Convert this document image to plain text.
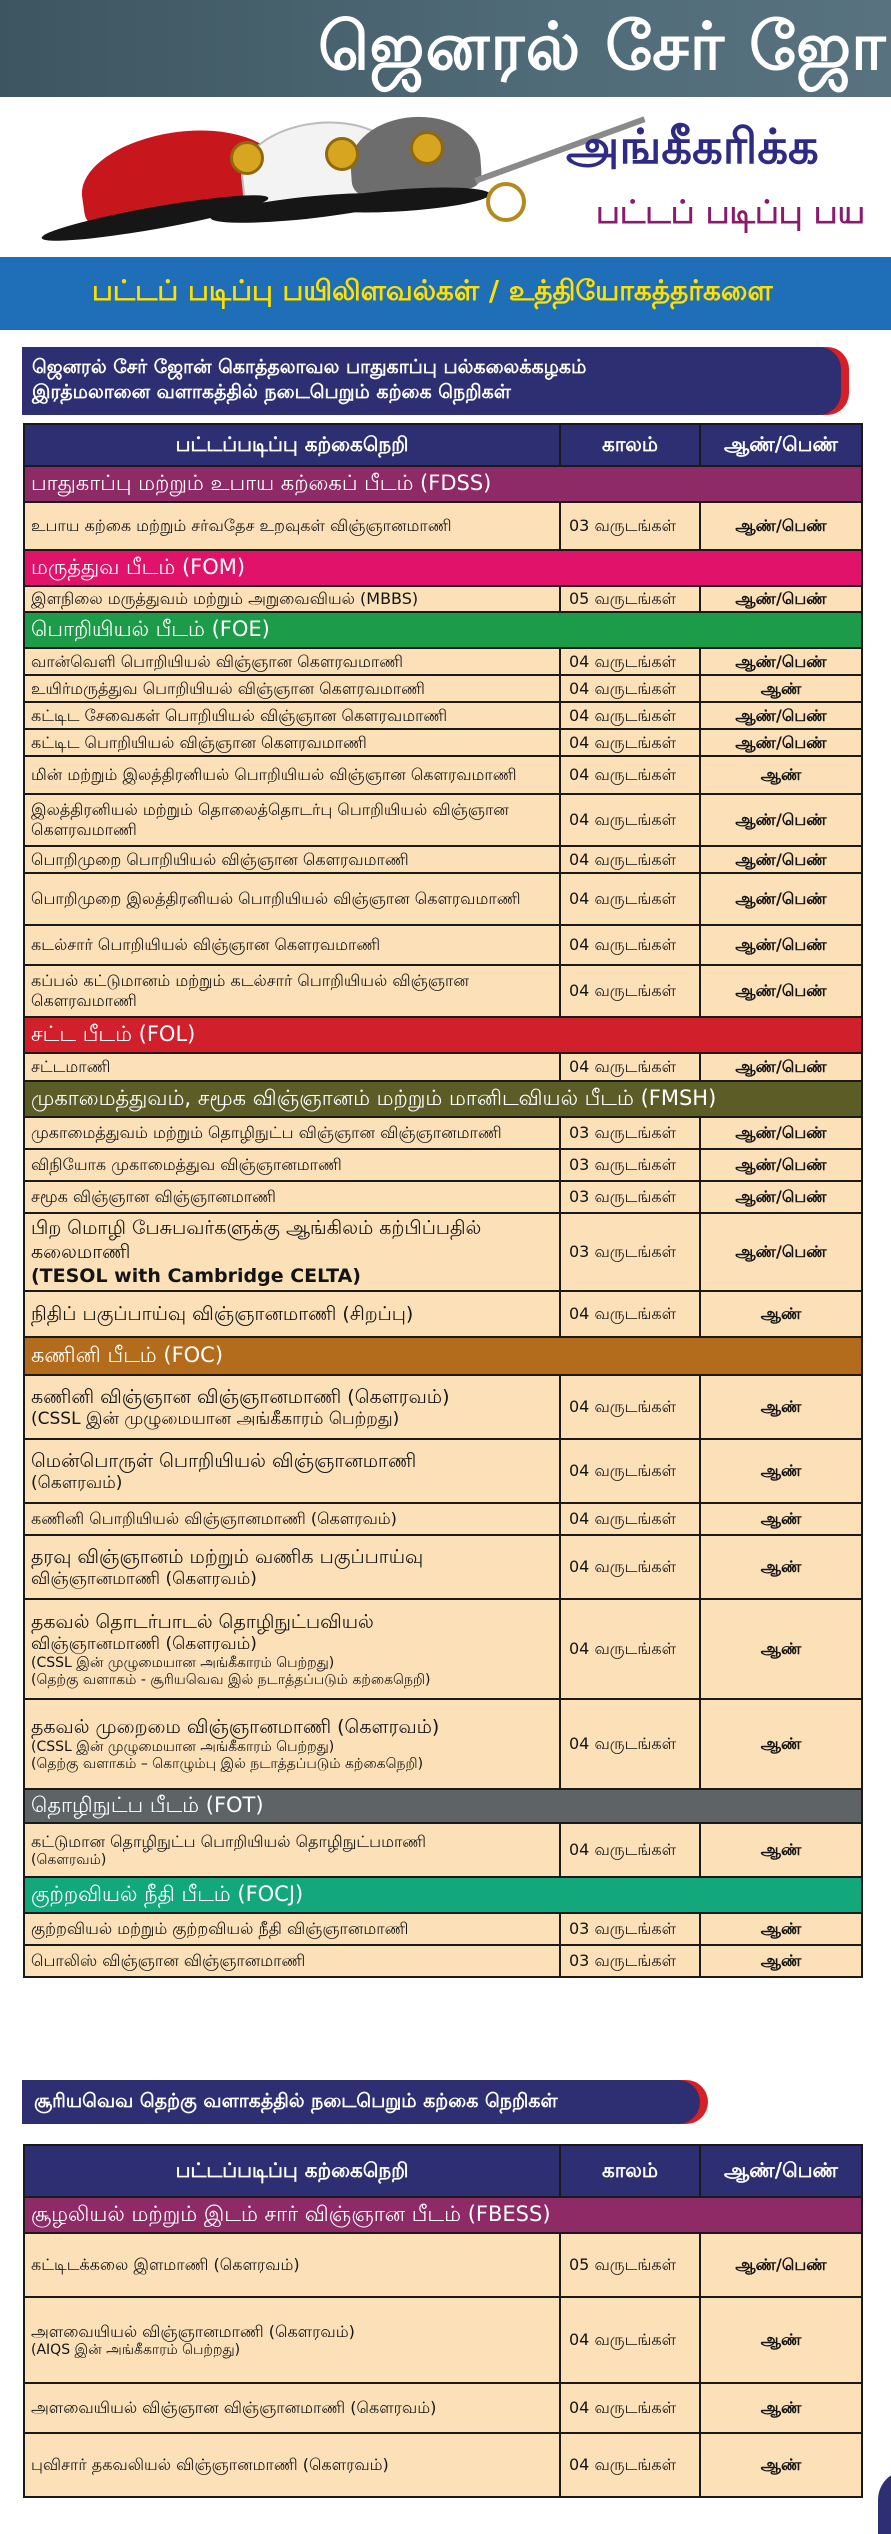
ஜெனரல் சேர் ஜோ
அங்கீகரிக்க
பட்டப் படிப்பு பய
பட்டப் படிப்பு பயிலிளவல்கள் / உத்தியோகத்தர்களை
ஜெனரல் சேர் ஜோன் கொத்தலாவல பாதுகாப்பு பல்கலைக்கழகம்
இரத்மலானை வளாகத்தில் நடைபெறும் கற்கை நெறிகள்
பட்டப்படிப்பு கற்கைநெறி	காலம்	ஆண்/பெண்
பாதுகாப்பு மற்றும் உபாய கற்கைப் பீடம் (FDSS)		
உபாய கற்கை மற்றும் சர்வதேச உறவுகள் விஞ்ஞானமாணி	03 வருடங்கள்	ஆண்/பெண்
மருத்துவ பீடம் (FOM)		
இளநிலை மருத்துவம் மற்றும் அறுவைவியல் (MBBS)	05 வருடங்கள்	ஆண்/பெண்
பொறியியல் பீடம் (FOE)		
வான்வெளி பொறியியல் விஞ்ஞான கௌரவமாணி	04 வருடங்கள்	ஆண்/பெண்
உயிர்மருத்துவ பொறியியல் விஞ்ஞான கௌரவமாணி	04 வருடங்கள்	ஆண்
கட்டிட சேவைகள் பொறியியல் விஞ்ஞான கௌரவமாணி	04 வருடங்கள்	ஆண்/பெண்
கட்டிட பொறியியல் விஞ்ஞான கௌரவமாணி	04 வருடங்கள்	ஆண்/பெண்
மின் மற்றும் இலத்திரனியல் பொறியியல் விஞ்ஞான கௌரவமாணி	04 வருடங்கள்	ஆண்
இலத்திரனியல் மற்றும் தொலைத்தொடர்பு பொறியியல் விஞ்ஞான கௌரவமாணி	04 வருடங்கள்	ஆண்/பெண்
பொறிமுறை பொறியியல் விஞ்ஞான கௌரவமாணி	04 வருடங்கள்	ஆண்/பெண்
பொறிமுறை இலத்திரனியல் பொறியியல் விஞ்ஞான கௌரவமாணி	04 வருடங்கள்	ஆண்/பெண்
கடல்சார் பொறியியல் விஞ்ஞான கௌரவமாணி	04 வருடங்கள்	ஆண்/பெண்
கப்பல் கட்டுமானம் மற்றும் கடல்சார் பொறியியல் விஞ்ஞான கௌரவமாணி	04 வருடங்கள்	ஆண்/பெண்
சட்ட பீடம் (FOL)		
சட்டமாணி	04 வருடங்கள்	ஆண்/பெண்
முகாமைத்துவம், சமூக விஞ்ஞானம் மற்றும் மானிடவியல் பீடம் (FMSH)		
முகாமைத்துவம் மற்றும் தொழிநுட்ப விஞ்ஞான விஞ்ஞானமாணி	03 வருடங்கள்	ஆண்/பெண்
விநியோக முகாமைத்துவ விஞ்ஞானமாணி	03 வருடங்கள்	ஆண்/பெண்
சமூக விஞ்ஞான விஞ்ஞானமாணி	03 வருடங்கள்	ஆண்/பெண்
பிற மொழி பேசுபவர்களுக்கு ஆங்கிலம் கற்பிப்பதில் கலைமாணி
(TESOL with Cambridge CELTA)	03 வருடங்கள்	ஆண்/பெண்
நிதிப் பகுப்பாய்வு விஞ்ஞானமாணி (சிறப்பு)	04 வருடங்கள்	ஆண்
கணினி பீடம் (FOC)		
கணினி விஞ்ஞான விஞ்ஞானமாணி (கௌரவம்)
(CSSL இன் முழுமையான அங்கீகாரம் பெற்றது)	04 வருடங்கள்	ஆண்
மென்பொருள் பொறியியல் விஞ்ஞானமாணி
(கௌரவம்)	04 வருடங்கள்	ஆண்
கணினி பொறியியல் விஞ்ஞானமாணி (கௌரவம்)	04 வருடங்கள்	ஆண்
தரவு விஞ்ஞானம் மற்றும் வணிக பகுப்பாய்வு
விஞ்ஞானமாணி (கௌரவம்)	04 வருடங்கள்	ஆண்
தகவல் தொடர்பாடல் தொழிநுட்பவியல்
விஞ்ஞானமாணி (கௌரவம்)
(CSSL இன் முழுமையான அங்கீகாரம் பெற்றது)
(தெற்கு வளாகம் - சூரியவெவ இல் நடாத்தப்படும் கற்கைநெறி)	04 வருடங்கள்	ஆண்
தகவல் முறைமை விஞ்ஞானமாணி (கௌரவம்)
(CSSL இன் முழுமையான அங்கீகாரம் பெற்றது)
(தெற்கு வளாகம் – கொழும்பு இல் நடாத்தப்படும் கற்கைநெறி)	04 வருடங்கள்	ஆண்
தொழிநுட்ப பீடம் (FOT)		
கட்டுமான தொழிநுட்ப பொறியியல் தொழிநுட்பமாணி
(கௌரவம்)	04 வருடங்கள்	ஆண்
குற்றவியல் நீதி பீடம் (FOCJ)		
குற்றவியல் மற்றும் குற்றவியல் நீதி விஞ்ஞானமாணி	03 வருடங்கள்	ஆண்
பொலிஸ் விஞ்ஞான விஞ்ஞானமாணி	03 வருடங்கள்	ஆண்
சூரியவெவ தெற்கு வளாகத்தில் நடைபெறும் கற்கை நெறிகள்
பட்டப்படிப்பு கற்கைநெறி	காலம்	ஆண்/பெண்
சூழலியல் மற்றும் இடம் சார் விஞ்ஞான பீடம் (FBESS)		
கட்டிடக்கலை இளமாணி (கௌரவம்)	05 வருடங்கள்	ஆண்/பெண்
அளவையியல் விஞ்ஞானமாணி (கௌரவம்)
(AIQS இன் அங்கீகாரம் பெற்றது)	04 வருடங்கள்	ஆண்
அளவையியல் விஞ்ஞான விஞ்ஞானமாணி (கௌரவம்)	04 வருடங்கள்	ஆண்
புவிசார் தகவலியல் விஞ்ஞானமாணி (கௌரவம்)	04 வருடங்கள்	ஆண்
